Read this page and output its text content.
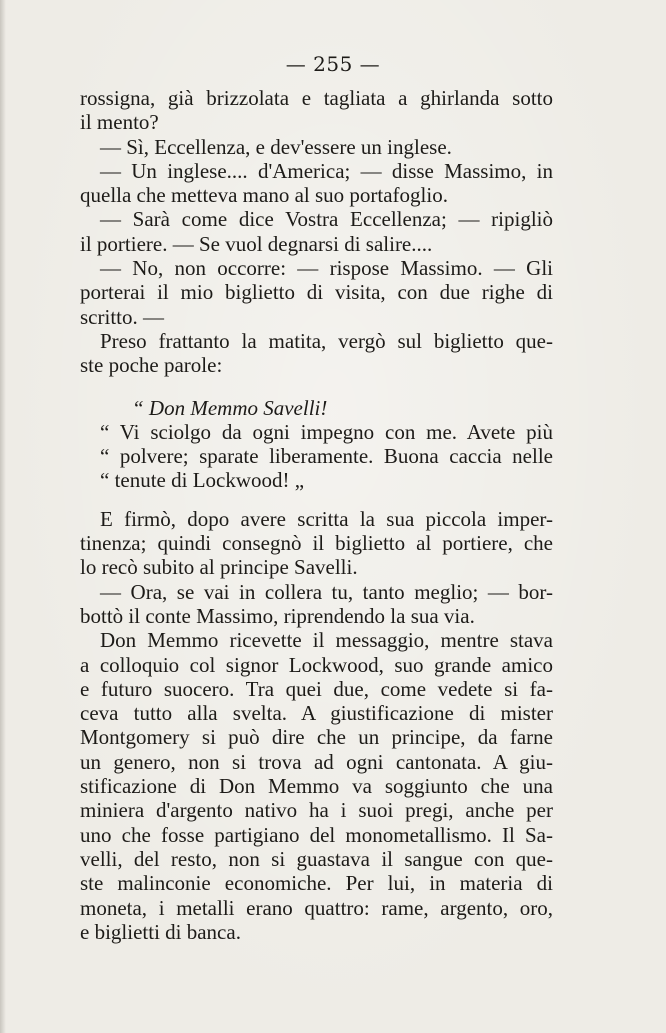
— 255 —
rossigna, già brizzolata e tagliata a ghirlanda sotto
il mento?
— Sì, Eccellenza, e dev'essere un inglese.
— Un inglese.... d'America; — disse Massimo, in
quella che metteva mano al suo portafoglio.
— Sarà come dice Vostra Eccellenza; — ripigliò
il portiere. — Se vuol degnarsi di salire....
— No, non occorre: — rispose Massimo. — Gli
porterai il mio biglietto di visita, con due righe di
scritto. —
Preso frattanto la matita, vergò sul biglietto que-
ste poche parole:
“ Don Memmo Savelli!
“ Vi sciolgo da ogni impegno con me. Avete più
“ polvere; sparate liberamente. Buona caccia nelle
“ tenute di Lockwood! „
E firmò, dopo avere scritta la sua piccola imper-
tinenza; quindi consegnò il biglietto al portiere, che
lo recò subito al principe Savelli.
— Ora, se vai in collera tu, tanto meglio; — bor-
bottò il conte Massimo, riprendendo la sua via.
Don Memmo ricevette il messaggio, mentre stava
a colloquio col signor Lockwood, suo grande amico
e futuro suocero. Tra quei due, come vedete si fa-
ceva tutto alla svelta. A giustificazione di mister
Montgomery si può dire che un principe, da farne
un genero, non si trova ad ogni cantonata. A giu-
stificazione di Don Memmo va soggiunto che una
miniera d'argento nativo ha i suoi pregi, anche per
uno che fosse partigiano del monometallismo. Il Sa-
velli, del resto, non si guastava il sangue con que-
ste malinconie economiche. Per lui, in materia di
moneta, i metalli erano quattro: rame, argento, oro,
e biglietti di banca.
